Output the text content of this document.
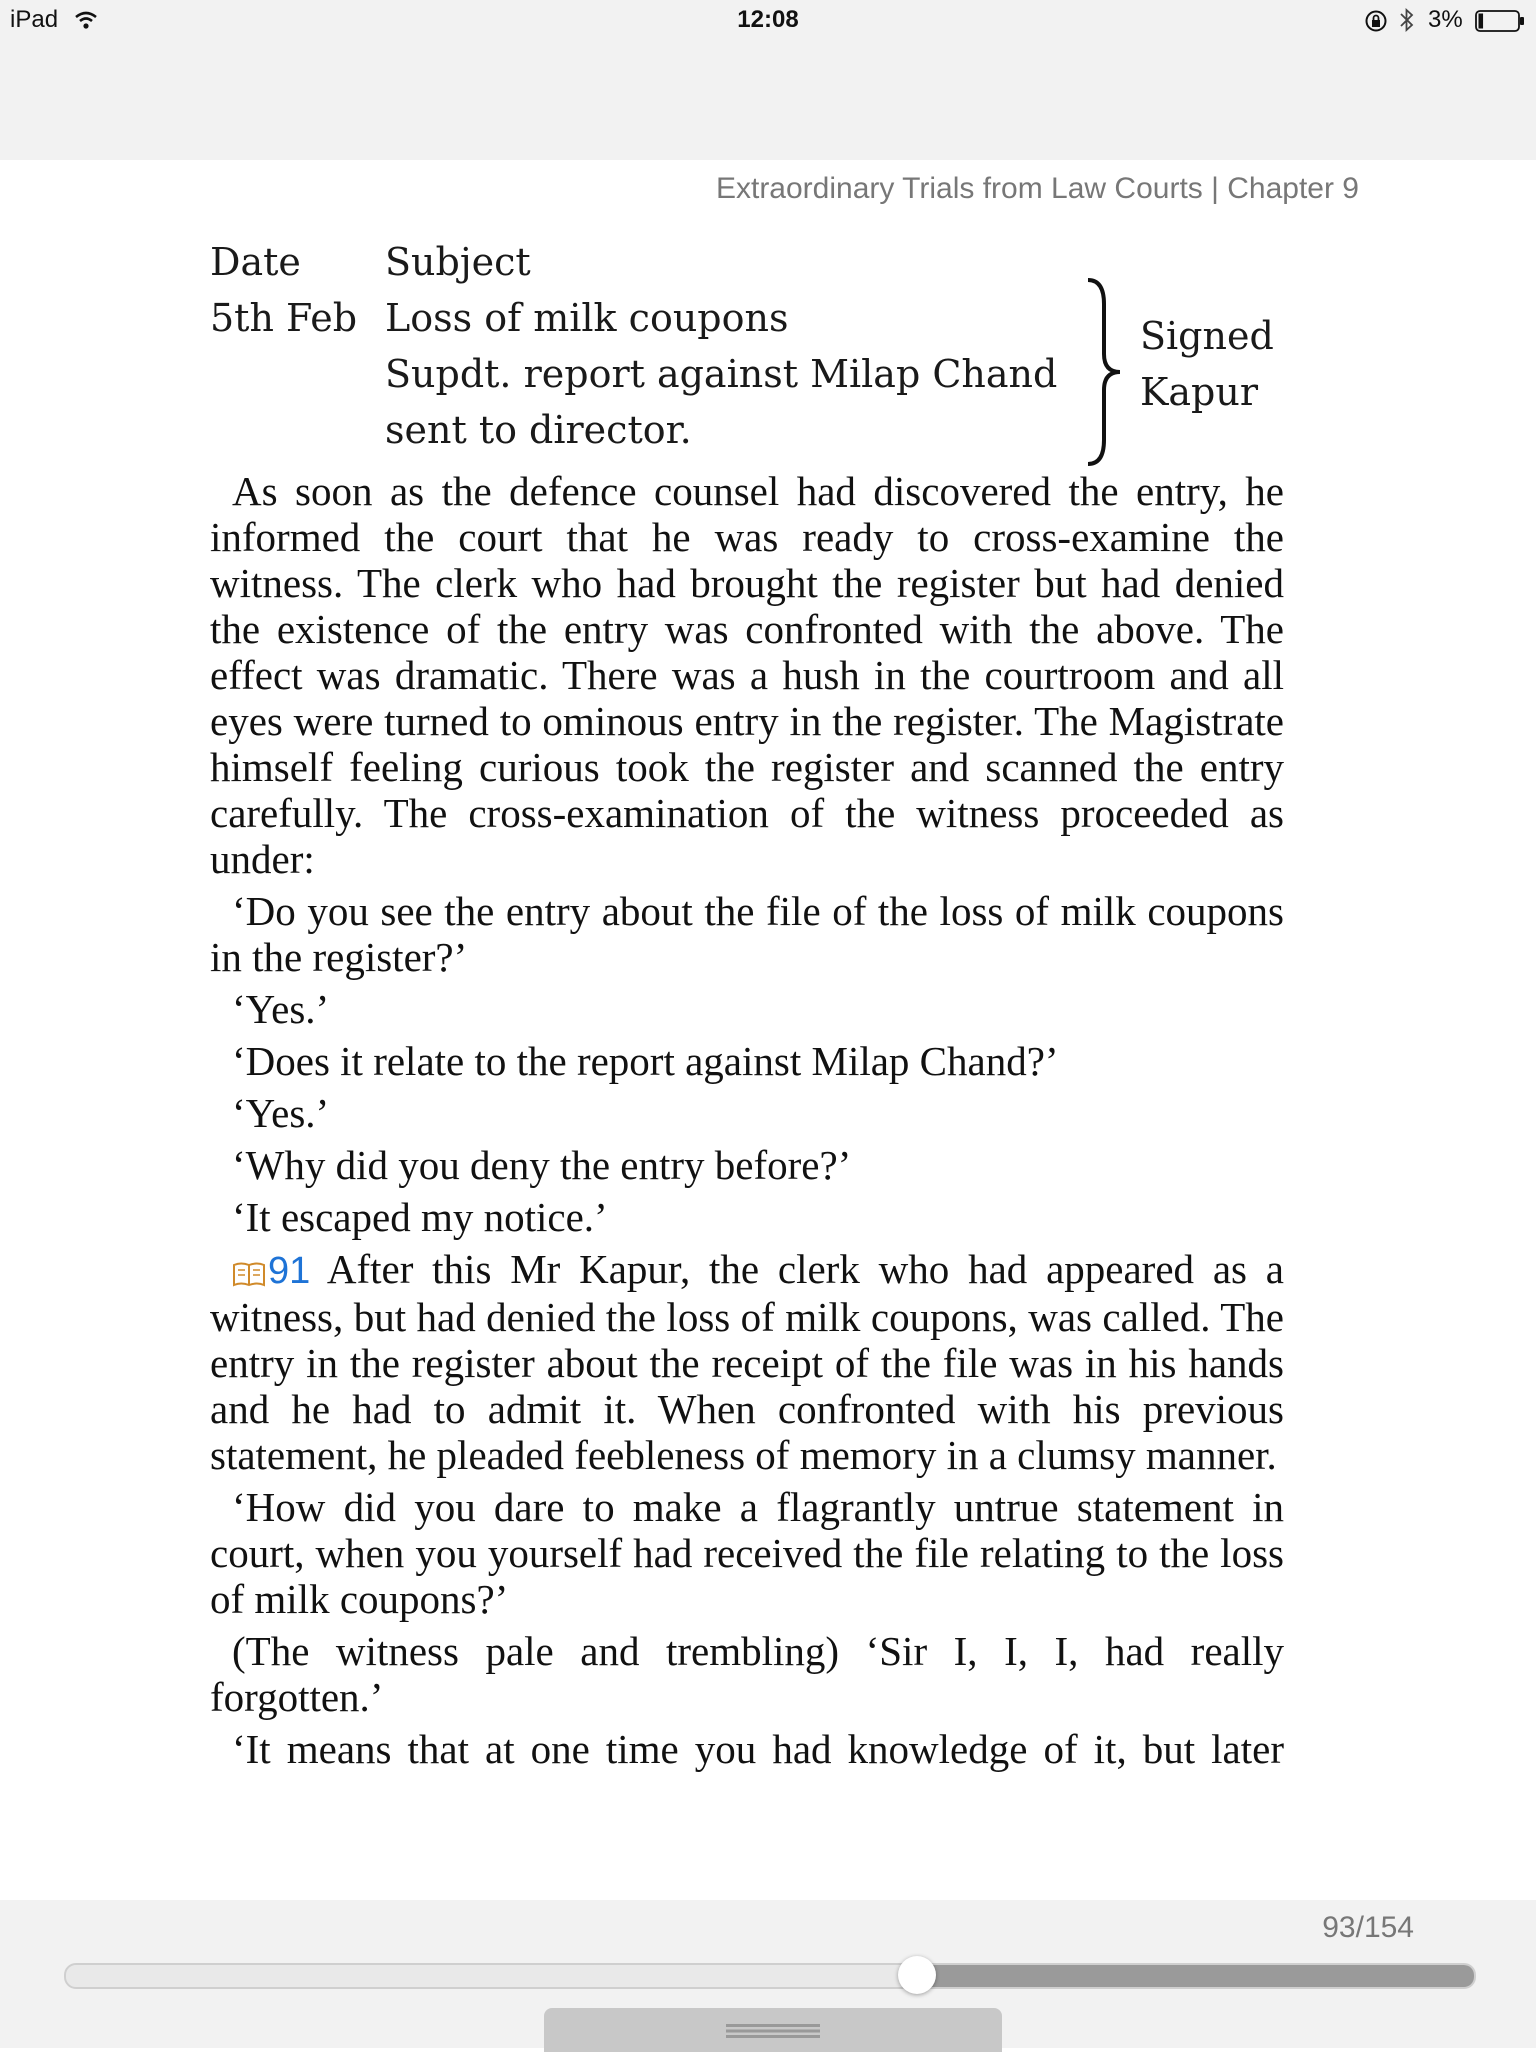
iPad	12:08	3%
Extraordinary Trials from Law Courts | Chapter 9
Date Subject
5th Feb Loss of milk coupons
Supdt. report against Milap Chand
sent to director.
Signed
Kapur

As soon as the defence counsel had discovered the entry, he informed the court that he was ready to cross-examine the witness. The clerk who had brought the register but had denied the existence of the entry was confronted with the above. The effect was dramatic. There was a hush in the courtroom and all eyes were turned to ominous entry in the register. The Magistrate himself feeling curious took the register and scanned the entry carefully. The cross-examination of the witness proceeded as under:

‘Do you see the entry about the file of the loss of milk coupons in the register?’

‘Yes.’

‘Does it relate to the report against Milap Chand?’

‘Yes.’

‘Why did you deny the entry before?’

‘It escaped my notice.’

91 After this Mr Kapur, the clerk who had appeared as a witness, but had denied the loss of milk coupons, was called. The entry in the register about the receipt of the file was in his hands and he had to admit it. When confronted with his previous statement, he pleaded feebleness of memory in a clumsy manner.

‘How did you dare to make a flagrantly untrue statement in court, when you yourself had received the file relating to the loss of milk coupons?’

(The witness pale and trembling) ‘Sir I, I, I, had really forgotten.’

‘It means that at one time you had knowledge of it, but later

93/154
